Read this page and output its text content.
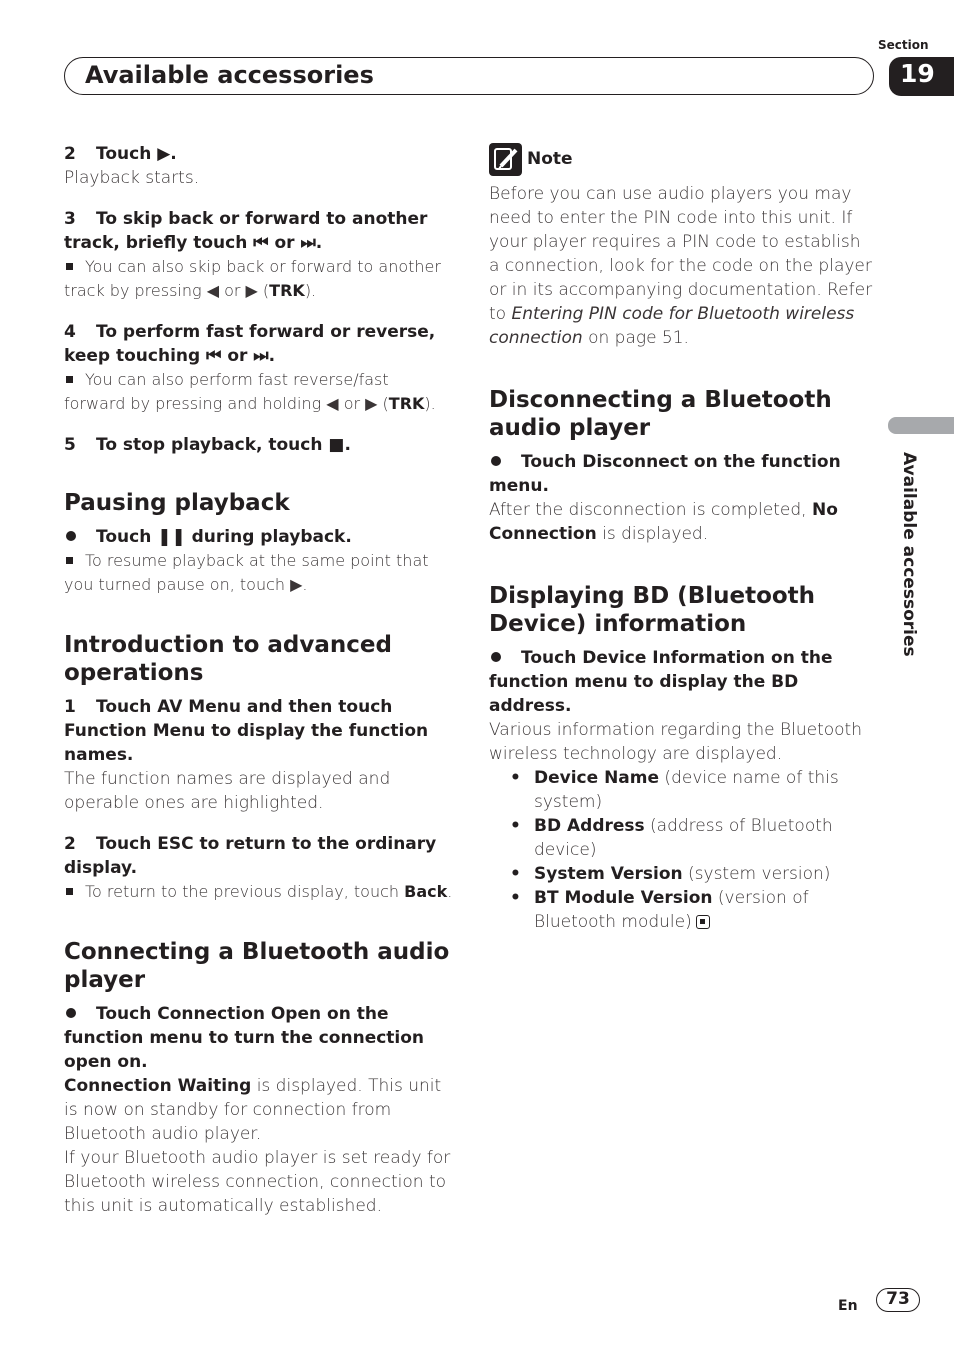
Section
Available accessories	19
Available accessories

2 Touch ▶.

Playback starts.

3 To skip back or forward to another track, briefly touch ⏮ or ⏭.

You can also skip back or forward to another track by pressing ◀ or ▶ (TRK).

4 To perform fast forward or reverse, keep touching ⏮ or ⏭.

You can also perform fast reverse/fast forward by pressing and holding ◀ or ▶ (TRK).

5 To stop playback, touch ■.

Pausing playback

Touch ❚❚ during playback.

To resume playback at the same point that you turned pause on, touch ▶.

Introduction to advanced operations

1 Touch AV Menu and then touch Function Menu to display the function names.

The function names are displayed and operable ones are highlighted.

2 Touch ESC to return to the ordinary display.

To return to the previous display, touch Back.

Connecting a Bluetooth audio player

Touch Connection Open on the function menu to turn the connection open on.

Connection Waiting is displayed. This unit is now on standby for connection from Bluetooth audio player.

If your Bluetooth audio player is set ready for Bluetooth wireless connection, connection to this unit is automatically established.

Note

Before you can use audio players you may need to enter the PIN code into this unit. If your player requires a PIN code to establish a connection, look for the code on the player or in its accompanying documentation. Refer to Entering PIN code for Bluetooth wireless connection on page 51.

Disconnecting a Bluetooth audio player

Touch Disconnect on the function menu.

After the disconnection is completed, No Connection is displayed.

Displaying BD (Bluetooth Device) information

Touch Device Information on the function menu to display the BD address.

Various information regarding the Bluetooth wireless technology are displayed.

• Device Name (device name of this system)
• BD Address (address of Bluetooth device)
• System Version (system version)
• BT Module Version (version of Bluetooth module)
En	73
